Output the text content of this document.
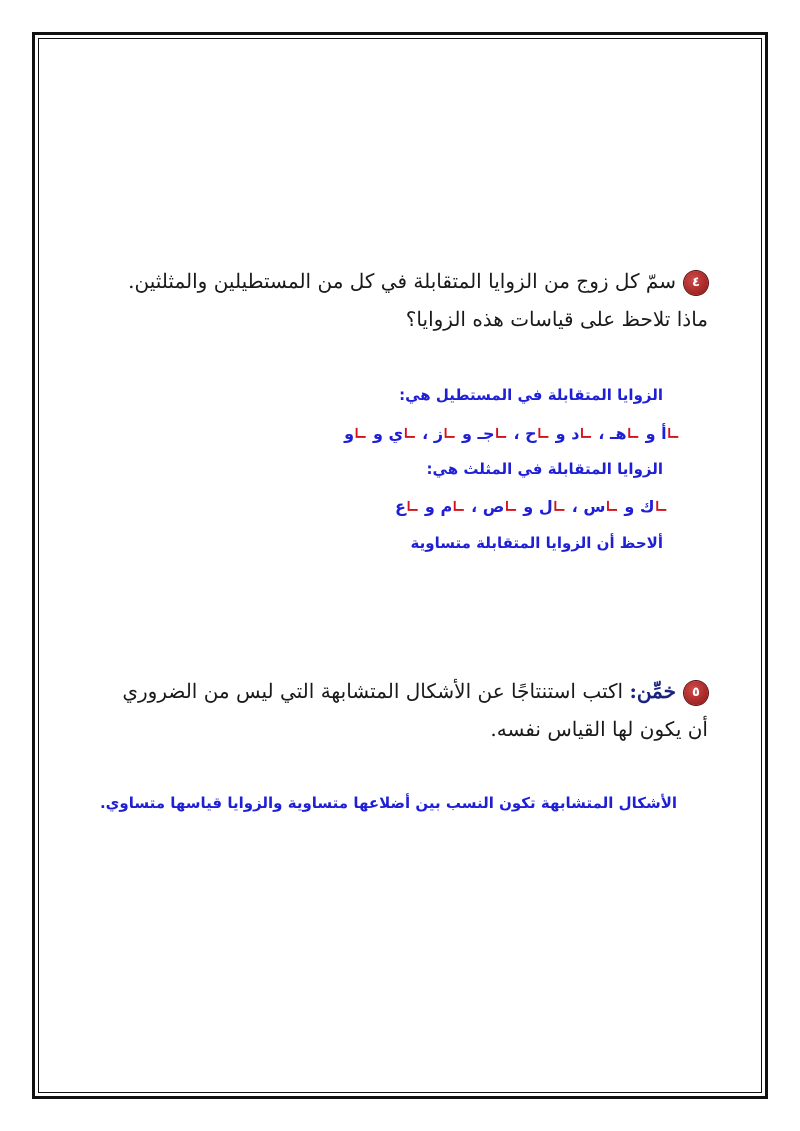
٤سمّ كل زوج من الزوايا المتقابلة في كل من المستطيلين والمثلثين. ماذا تلاحظ على قياسات هذه الزوايا؟
الزوايا المتقابلة في المستطيل هي:
∟أ و ∟هـ ، ∟د و ∟ح ، ∟جـ و ∟ز ، ∟ي و ∟و
الزوايا المتقابلة في المثلث هي:
∟ك و ∟س ، ∟ل و ∟ص ، ∟م و ∟ع
ألاحظ أن الزوايا المتقابلة متساوية
٥خمِّن: اكتب استنتاجًا عن الأشكال المتشابهة التي ليس من الضروري أن يكون لها القياس نفسه.
الأشكال المتشابهة تكون النسب بين أضلاعها متساوية والزوايا قياسها متساوي.
